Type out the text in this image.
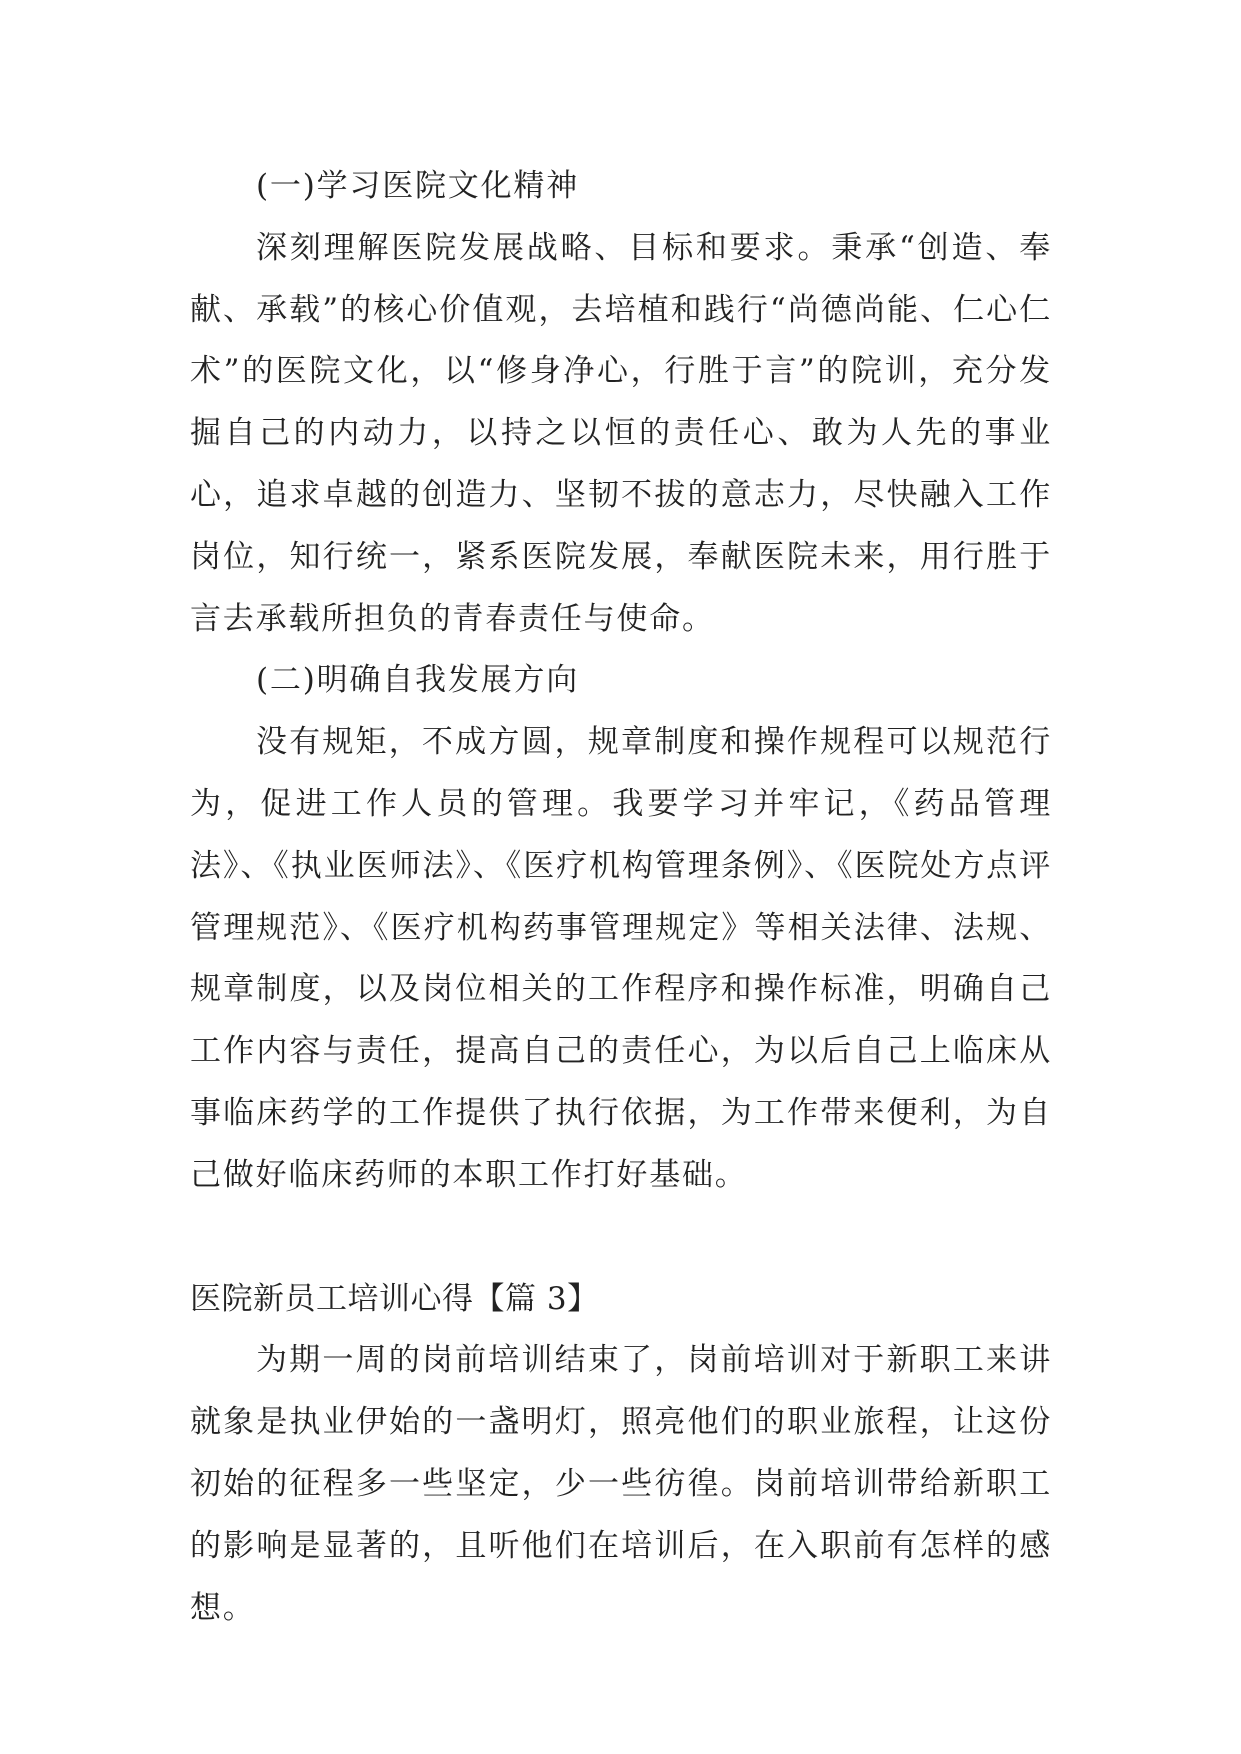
(一)学习医院文化精神

深刻理解医院发展战略、目标和要求。秉承“创造、奉献、承载”的核心价值观，去培植和践行“尚德尚能、仁心仁术”的医院文化，以“修身净心，行胜于言”的院训，充分发掘自己的内动力，以持之以恒的责任心、敢为人先的事业心，追求卓越的创造力、坚韧不拔的意志力，尽快融入工作岗位，知行统一，紧系医院发展，奉献医院未来，用行胜于言去承载所担负的青春责任与使命。

(二)明确自我发展方向

没有规矩，不成方圆，规章制度和操作规程可以规范行为，促进工作人员的管理。我要学习并牢记，《药品管理法》、《执业医师法》、《医疗机构管理条例》、《医院处方点评管理规范》、《医疗机构药事管理规定》等相关法律、法规、规章制度，以及岗位相关的工作程序和操作标准，明确自己工作内容与责任，提高自己的责任心，为以后自己上临床从事临床药学的工作提供了执行依据，为工作带来便利，为自己做好临床药师的本职工作打好基础。

医院新员工培训心得【篇 3】

为期一周的岗前培训结束了，岗前培训对于新职工来讲就象是执业伊始的一盏明灯，照亮他们的职业旅程，让这份初始的征程多一些坚定，少一些彷徨。岗前培训带给新职工的影响是显著的，且听他们在培训后，在入职前有怎样的感想。
